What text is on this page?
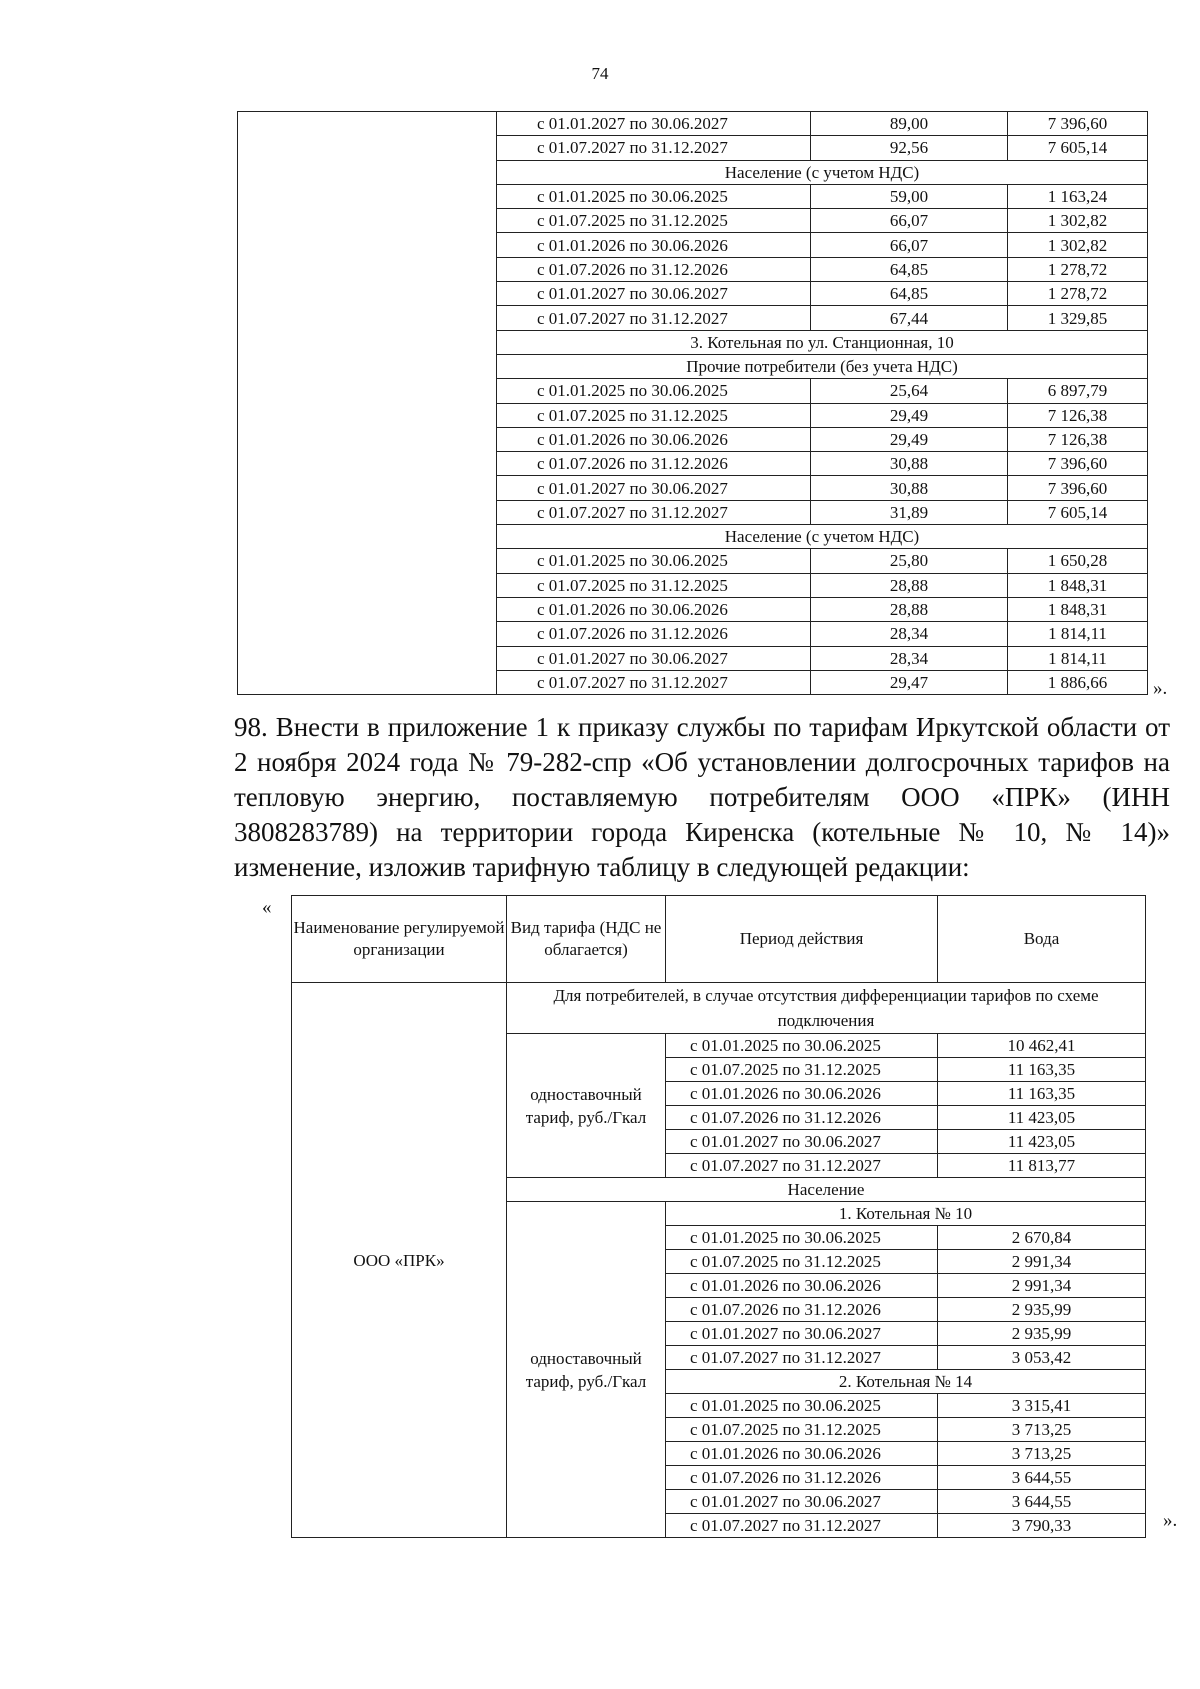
74
	с 01.01.2027 по 30.06.2027	89,00	7 396,60
	с 01.07.2027 по 31.12.2027	92,56	7 605,14
	Население (с учетом НДС)		
	с 01.01.2025 по 30.06.2025	59,00	1 163,24
	с 01.07.2025 по 31.12.2025	66,07	1 302,82
	с 01.01.2026 по 30.06.2026	66,07	1 302,82
	с 01.07.2026 по 31.12.2026	64,85	1 278,72
	с 01.01.2027 по 30.06.2027	64,85	1 278,72
	с 01.07.2027 по 31.12.2027	67,44	1 329,85
	3. Котельная по ул. Станционная, 10		
	Прочие потребители (без учета НДС)		
	с 01.01.2025 по 30.06.2025	25,64	6 897,79
	с 01.07.2025 по 31.12.2025	29,49	7 126,38
	с 01.01.2026 по 30.06.2026	29,49	7 126,38
	с 01.07.2026 по 31.12.2026	30,88	7 396,60
	с 01.01.2027 по 30.06.2027	30,88	7 396,60
	с 01.07.2027 по 31.12.2027	31,89	7 605,14
	Население (с учетом НДС)		
	с 01.01.2025 по 30.06.2025	25,80	1 650,28
	с 01.07.2025 по 31.12.2025	28,88	1 848,31
	с 01.01.2026 по 30.06.2026	28,88	1 848,31
	с 01.07.2026 по 31.12.2026	28,34	1 814,11
	с 01.01.2027 по 30.06.2027	28,34	1 814,11
	с 01.07.2027 по 31.12.2027	29,47	1 886,66 ».
98. Внести в приложение 1 к приказу службы по тарифам Иркутской области от 2 ноября 2024 года № 79-282-спр «Об установлении долгосрочных тарифов на тепловую энергию, поставляемую потребителям ООО «ПРК» (ИНН 3808283789) на территории города Киренска (котельные № 10, № 14)» изменение, изложив тарифную таблицу в следующей редакции:
«
Наименование регулируемой организации	Вид тарифа (НДС не облагается)	Период действия	Вода
ООО «ПРК»	Для потребителей, в случае отсутствия дифференциации тарифов по схеме подключения		
	одноставочный тариф, руб./Гкал	с 01.01.2025 по 30.06.2025	10 462,41
		с 01.07.2025 по 31.12.2025	11 163,35
		с 01.01.2026 по 30.06.2026	11 163,35
		с 01.07.2026 по 31.12.2026	11 423,05
		с 01.01.2027 по 30.06.2027	11 423,05
		с 01.07.2027 по 31.12.2027	11 813,77
	Население		
	одноставочный тариф, руб./Гкал	1. Котельная № 10	
		с 01.01.2025 по 30.06.2025	2 670,84
		с 01.07.2025 по 31.12.2025	2 991,34
		с 01.01.2026 по 30.06.2026	2 991,34
		с 01.07.2026 по 31.12.2026	2 935,99
		с 01.01.2027 по 30.06.2027	2 935,99
		с 01.07.2027 по 31.12.2027	3 053,42
		2. Котельная № 14	
		с 01.01.2025 по 30.06.2025	3 315,41
		с 01.07.2025 по 31.12.2025	3 713,25
		с 01.01.2026 по 30.06.2026	3 713,25
		с 01.07.2026 по 31.12.2026	3 644,55
		с 01.01.2027 по 30.06.2027	3 644,55
		с 01.07.2027 по 31.12.2027	3 790,33	».
